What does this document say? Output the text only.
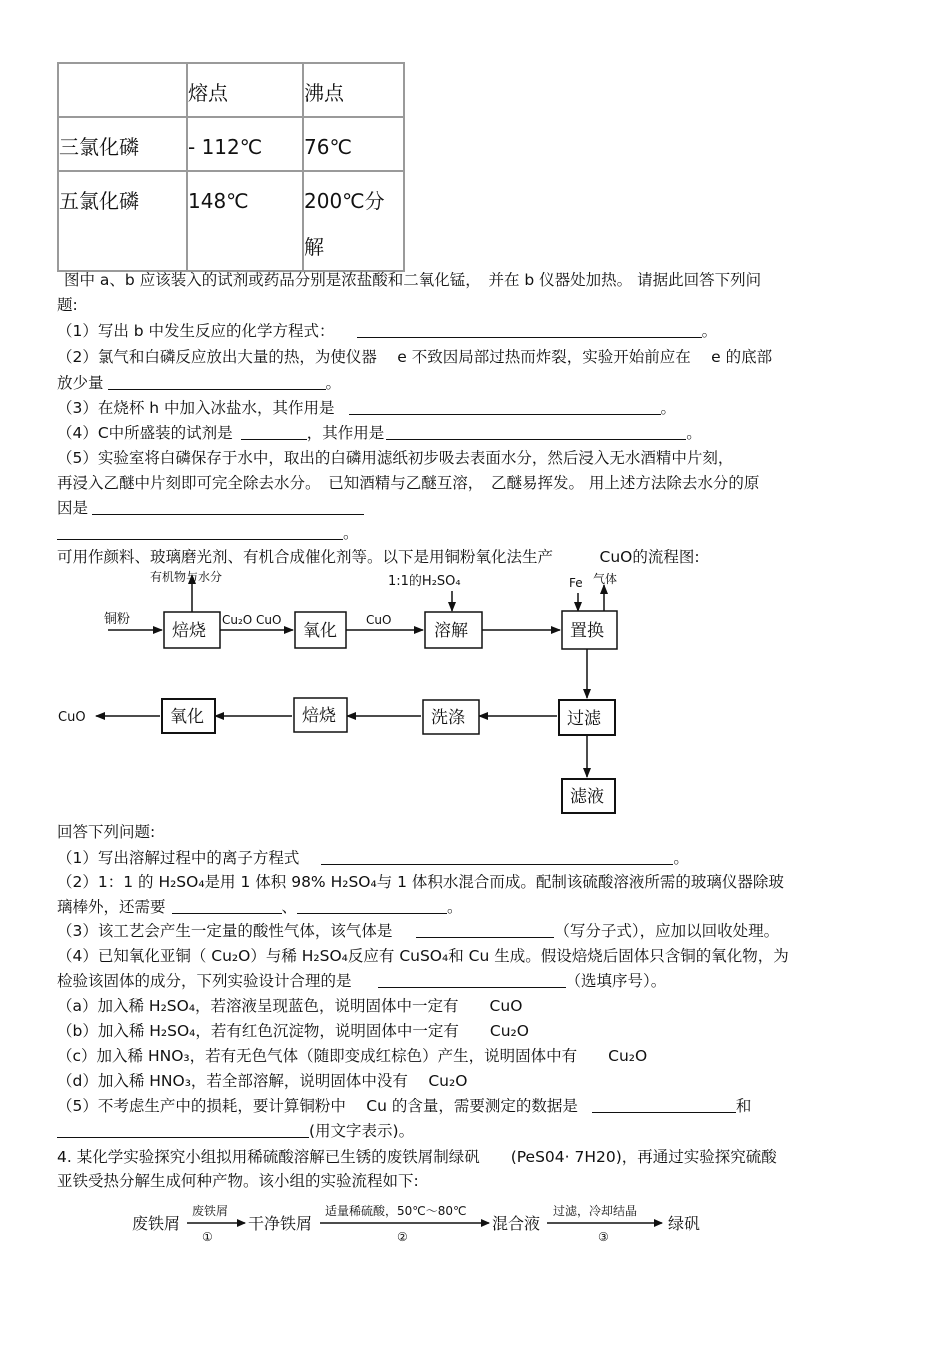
	熔点	沸点

三氯化磷	- 112℃	76℃

五氯化磷	148℃	200℃分解
图中 a、b 应该装入的试剂或药品分别是浓盐酸和二氧化锰，　并在 b 仪器处加热。 请据此回答下列问
题:
（1）写出 b 中发生反应的化学方程式：	。
（2）氯气和白磷反应放出大量的热，为使仪器　 e 不致因局部过热而炸裂，实验开始前应在　 e 的底部
放少量	。
（3）在烧杯 h 中加入冰盐水，其作用是	。
（4）C中所盛装的试剂是	，其作用是	。
（5）实验室将白磷保存于水中，取出的白磷用滤纸初步吸去表面水分，然后浸入无水酒精中片刻，
再浸入乙醚中片刻即可完全除去水分。　已知酒精与乙醚互溶，　乙醚易挥发。 用上述方法除去水分的原
因是
。
可用作颜料、玻璃磨光剂、有机合成催化剂等。以下是用铜粉氧化法生产　　　CuO的流程图:
铜粉
有机物与水分
焙烧
Cu₂O CuO
氧化
CuO
溶解
1:1的H₂SO₄
置换
Fe 气体
过滤
滤液
洗涤
焙烧
氧化
CuO
回答下列问题:
（1）写出溶解过程中的离子方程式	。
（2）1：1 的 H₂SO₄是用 1 体积 98% H₂SO₄与 1 体积水混合而成。配制该硫酸溶液所需的玻璃仪器除玻
璃棒外，还需要	、	。
（3）该工艺会产生一定量的酸性气体，该气体是	（写分子式），应加以回收处理。
（4）已知氧化亚铜（ Cu₂O）与稀 H₂SO₄反应有 CuSO₄和 Cu 生成。假设焙烧后固体只含铜的氧化物，为
检验该固体的成分，下列实验设计合理的是	（选填序号）。
（a）加入稀 H₂SO₄，若溶液呈现蓝色，说明固体中一定有　　CuO
（b）加入稀 H₂SO₄，若有红色沉淀物，说明固体中一定有　　Cu₂O
（c）加入稀 HNO₃，若有无色气体（随即变成红棕色）产生，说明固体中有　　Cu₂O
（d）加入稀 HNO₃，若全部溶解，说明固体中没有　 Cu₂O
（5）不考虑生产中的损耗，要计算铜粉中　 Cu 的含量，需要测定的数据是	和
(用文字表示)。
4. 某化学实验探究小组拟用稀硫酸溶解已生锈的废铁屑制绿矾　　(PeS04· 7H20)，再通过实验探究硫酸
亚铁受热分解生成何种产物。该小组的实验流程如下:
废铁屑
废铁屑
①
干净铁屑
适量稀硫酸，50℃～80℃
②
混合液
过滤，冷却结晶
③
绿矾
